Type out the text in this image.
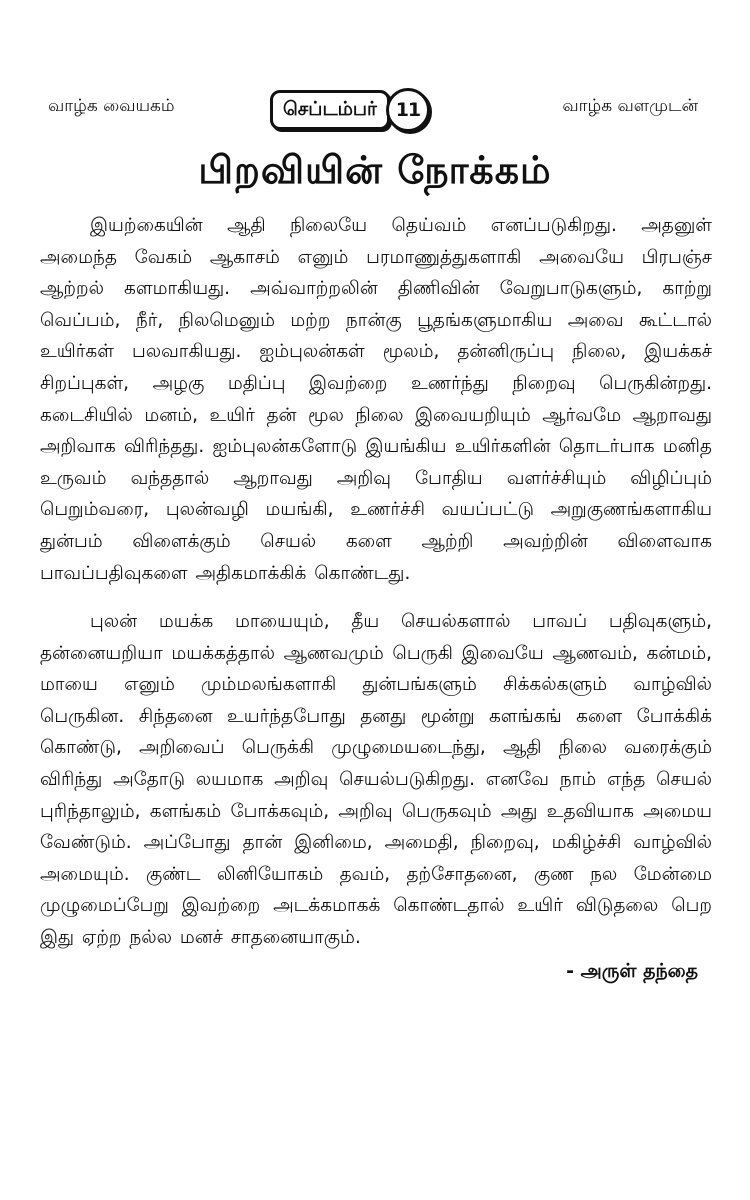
வாழ்க வையகம்	செப்டம்பர் 11	வாழ்க வளமுடன்
பிறவியின் நோக்கம்
இயற்கையின் ஆதி நிலையே தெய்வம் எனப்படுகிறது. அதனுள் அமைந்த வேகம் ஆகாசம் எனும் பரமாணுத்துகளாகி அவையே பிரபஞ்ச ஆற்றல் களமாகியது. அவ்வாற்றலின் திணிவின் வேறுபாடுகளும், காற்று வெப்பம், நீர், நிலமெனும் மற்ற நான்கு பூதங்களுமாகிய அவை கூட்டால் உயிர்கள் பலவாகியது. ஐம்புலன்கள் மூலம், தன்னிருப்பு நிலை, இயக்கச் சிறப்புகள், அழகு மதிப்பு இவற்றை உணர்ந்து நிறைவு பெருகின்றது. கடைசியில் மனம், உயிர் தன் மூல நிலை இவையறியும் ஆர்வமே ஆறாவது அறிவாக விரிந்தது. ஐம்புலன்களோடு இயங்கிய உயிர்களின் தொடர்பாக மனித உருவம் வந்ததால் ஆறாவது அறிவு போதிய வளர்ச்சியும் விழிப்பும் பெறும்வரை, புலன்வழி மயங்கி, உணர்ச்சி வயப்பட்டு அறுகுணங்களாகிய துன்பம் விளைக்கும் செயல் களை ஆற்றி அவற்றின் விளைவாக பாவப்பதிவுகளை அதிகமாக்கிக் கொண்டது.
புலன் மயக்க மாயையும், தீய செயல்களால் பாவப் பதிவுகளும், தன்னையறியா மயக்கத்தால் ஆணவமும் பெருகி இவையே ஆணவம், கன்மம், மாயை எனும் மும்மலங்களாகி துன்பங்களும் சிக்கல்களும் வாழ்வில் பெருகின. சிந்தனை உயர்ந்தபோது தனது மூன்று களங்கங் களை போக்கிக் கொண்டு, அறிவைப் பெருக்கி முழுமையடைந்து, ஆதி நிலை வரைக்கும் விரிந்து அதோடு லயமாக அறிவு செயல்படுகிறது. எனவே நாம் எந்த செயல் புரிந்தாலும், களங்கம் போக்கவும், அறிவு பெருகவும் அது உதவியாக அமைய வேண்டும். அப்போது தான் இனிமை, அமைதி, நிறைவு, மகிழ்ச்சி வாழ்வில் அமையும். குண்ட லினியோகம் தவம், தற்சோதனை, குண நல மேன்மை முழுமைப்பேறு இவற்றை அடக்கமாகக் கொண்டதால் உயிர் விடுதலை பெற இது ஏற்ற நல்ல மனச் சாதனையாகும்.
- அருள் தந்தை
